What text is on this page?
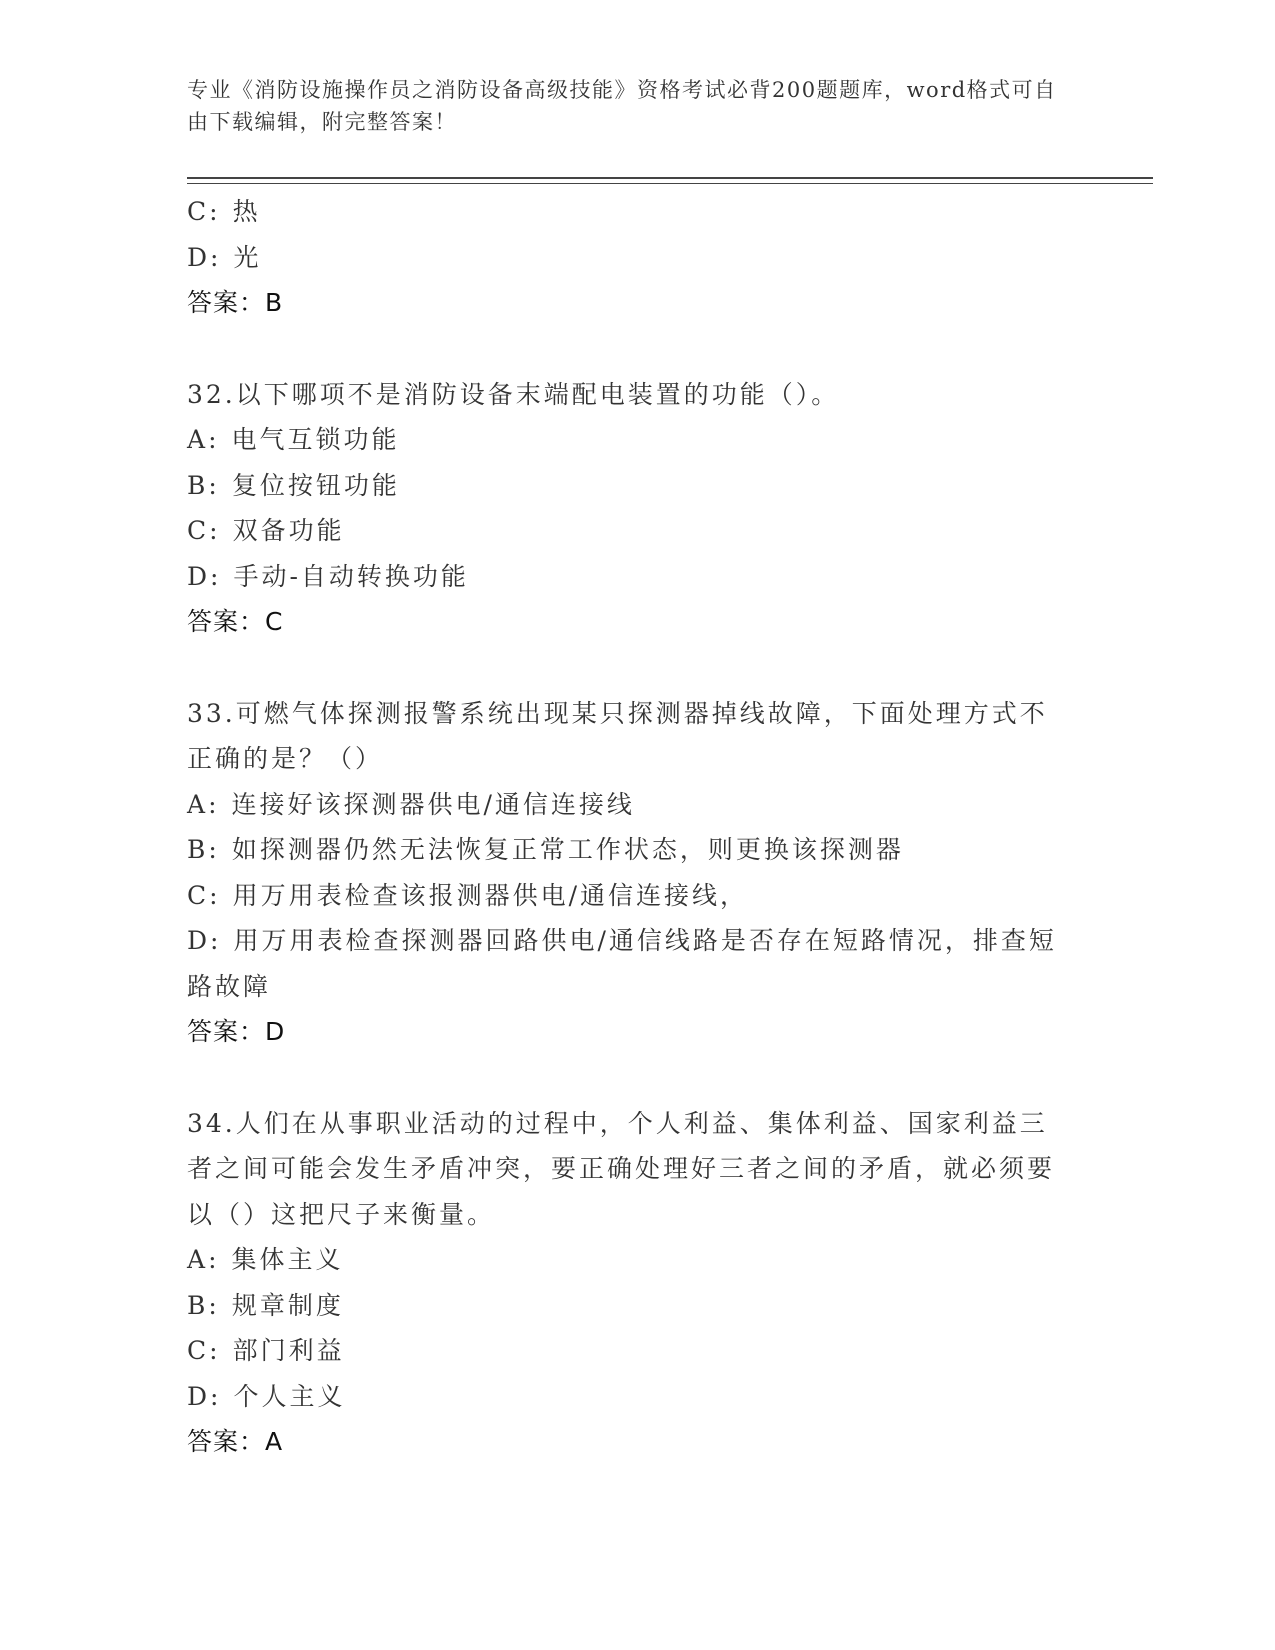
专业《消防设施操作员之消防设备高级技能》资格考试必背200题题库，word格式可自由下载编辑，附完整答案！
C : 热
D : 光
答案：B
32.以下哪项不是消防设备末端配电装置的功能（）。
A : 电气互锁功能
B : 复位按钮功能
C : 双备功能
D : 手动-自动转换功能
答案：C
33.可燃气体探测报警系统出现某只探测器掉线故障，下面处理方式不正确的是？（）
A : 连接好该探测器供电/通信连接线
B : 如探测器仍然无法恢复正常工作状态，则更换该探测器
C : 用万用表检查该报测器供电/通信连接线，
D: 用万用表检查探测器回路供电/通信线路是否存在短路情况，排查短路故障
答案：D
34.人们在从事职业活动的过程中，个人利益、集体利益、国家利益三者之间可能会发生矛盾冲突，要正确处理好三者之间的矛盾，就必须要以（）这把尺子来衡量。
A : 集体主义
B : 规章制度
C : 部门利益
D : 个人主义
答案：A
